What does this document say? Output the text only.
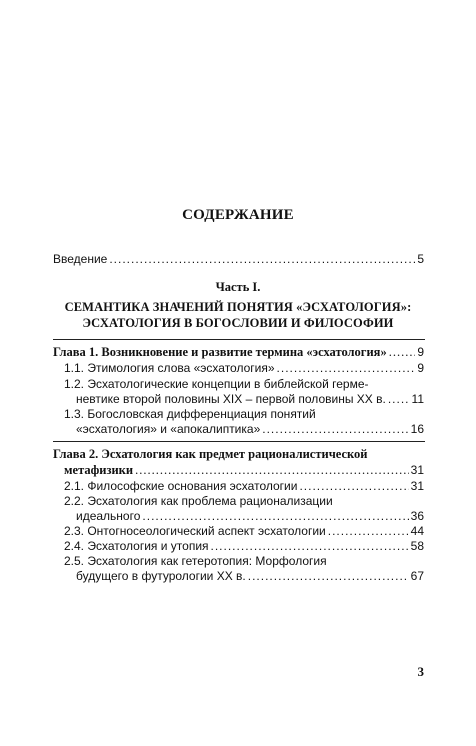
СОДЕРЖАНИЕ
Введение .....	5
Часть I.
СЕМАНТИКА ЗНАЧЕНИЙ ПОНЯТИЯ «ЭСХАТОЛОГИЯ»:
ЭСХАТОЛОГИЯ В БОГОСЛОВИИ И ФИЛОСОФИИ
Глава 1. Возникновение и развитие термина «эсхатология» .....	9
1.1. Этимология слова «эсхатология» .....	9
1.2. Эсхатологические концепции в библейской герме-
невтике второй половины XIX – первой половины XX в. ..... 11
1.3. Богословская дифференциация понятий
«эсхатология» и «апокалиптика» .....	16
Глава 2. Эсхатология как предмет рационалистической
метафизики .....	31
2.1. Философские основания эсхатологии .....	31
2.2. Эсхатология как проблема рационализации
идеального .....	36
2.3. Онтогносеологический аспект эсхатологии .....	44
2.4. Эсхатология и утопия .....	58
2.5. Эсхатология как гетеротопия: Морфология
будущего в футурологии XX в. .....	67
3
